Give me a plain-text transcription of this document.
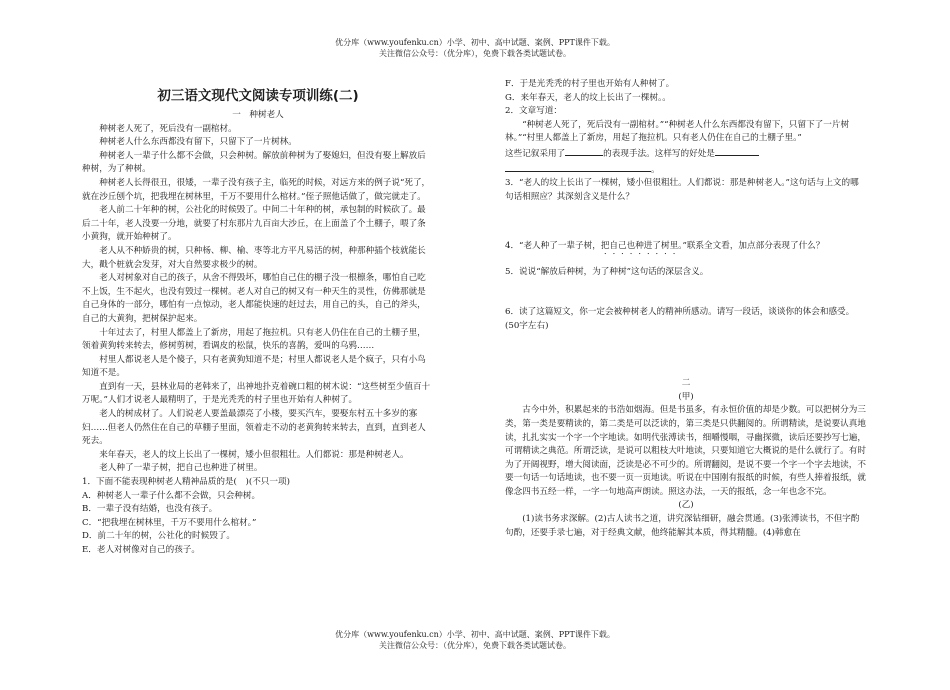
优分库（www.youfenku.cn）小学、初中、高中试题、案例、PPT课件下载。
关注微信公众号：（优分库），免费下载各类试题试卷。

初三语文现代文阅读专项训练(二)

一　种树老人

种树老人死了，死后没有一副棺材。

种树老人什么东西都没有留下，只留下了一片树林。

种树老人一辈子什么都不会做，只会种树。解放前种树为了娶媳妇，但没有娶上解放后种树，为了种树。

种树老人长得很丑，很矮，一辈子没有孩子主，临死的时候，对远方来的例子说“死了，就在沙丘刨个坑，把我埋在树林里，千万不要用什么棺材。”侄子照他话做了，做完就走了。

老人前二十年种的树，公社化的时候毁了。中间二十年种的树，承包制的时候砍了。最后二十年，老人没要一分地，就要了村东那片九百亩大沙丘，在上面盖了个土棚子，喂了条小黄狗，就开始种树了。

老人从不种娇贵的树，只种杨、柳、榆、枣等北方平凡易活的树，种那种插个枝就能长大，戳个桩就会发芽，对大自然要求极少的树。

老人对树象对自己的孩子，从舍不得毁坏，哪怕自己住的棚子没一根檩条，哪怕自己吃不上饭，生不起火，也没有毁过一棵树。老人对自己的树又有一种天生的灵性，仿佛那就是自己身体的一部分，哪怕有一点惊动，老人都能快速的赶过去，用自己的头，自己的斧头，自己的大黄狗，把树保护起来。

十年过去了，村里人都盖上了新房，用起了拖拉机。只有老人仍住在自己的土棚子里，领着黄狗转来转去，修树剪树，看调皮的松鼠，快乐的喜鹊，爱叫的乌鸦……

村里人都说老人是个傻子，只有老黄狗知道不是；村里人都说老人是个疯子，只有小鸟知道不是。

直到有一天，县林业局的老韩来了，出神地扑克着碗口粗的树木说：“这些树至少值百十万呢。”人们才说老人最精明了，于是光秃秃的村子里也开始有人种树了。

老人的树成材了。人们说老人要盖最漂亮了小楼，要买汽车，要娶东村五十多岁的寡妇……但老人仍然住在自己的草棚子里面，领着走不动的老黄狗转来转去，直到，直到老人死去。

来年春天，老人的坟上长出了一棵树，矮小但很粗壮。人们都说：那是种树老人。

老人种了一辈子树，把自己也种进了树里。

1．下面不能表现种树老人精神品质的是(　)(不只一项)

A．种树老人一辈子什么都不会做，只会种树。

B．一辈子没有结婚，也没有孩子。

C．“把我埋在树林里，千万不要用什么棺材。”

D．前二十年的树，公社化的时候毁了。

E．老人对树像对自己的孩子。

F．于是光秃秃的村子里也开始有人种树了。

G．来年春天，老人的坟上长出了一棵树。。

2．文章写道：

“种树老人死了，死后没有一副棺材。”“种树老人什么东西都没有留下，只留下了一片树林。”“村里人都盖上了新房，用起了拖拉机。只有老人仍住在自己的土棚子里。”

这些记叙采用了	的表现手法。这样写的好处是

。

3．“老人的坟上长出了一棵树，矮小但很粗壮。人们都说：那是种树老人。”这句话与上文的哪句话相照应？其深刻含义是什么？

4．“老人种了一辈子树，把自己也种进了树里。”联系全文看，加点部分表现了什么？

5．说说“解放后种树，为了种树”这句话的深层含义。

6．读了这篇短文，你一定会被种树老人的精神所感动。请写一段话，谈谈你的体会和感受。(50字左右)

二

(甲)

古今中外，积累起来的书浩如烟海。但是书虽多，有永恒价值的却是少数。可以把树分为三类，第一类是要精读的，第二类是可以泛读的，第三类是只供翻阅的。所谓精读，是说要认真地读，扎扎实实一个字一个字地读。如明代张溥读书，细嚼慢咽，寻幽探微，读后还要抄写七遍，可谓精读之典范。所谓泛读，是说可以粗枝大叶地读，只要知道它大概说的是什么就行了。有时为了开阔视野，增大阅读面，泛读是必不可少的。所谓翻阅，是说不要一个字一个字去地读，不要一句话一句话地读，也不要一页一页地读。听说在中国刚有报纸的时候，有些人捧着报纸，就像念四书五经一样，一字一句地高声朗读。照这办法，一天的报纸，念一年也念不完。

(乙)

(1)读书务求深解。(2)古人读书之道，讲究深钻细研，融会贯通。(3)张溥读书，不但字酌句酌，还要手录七遍，对于经典文献，他终能解其本质，得其精髓。(4)韩愈在

优分库（www.youfenku.cn）小学、初中、高中试题、案例、PPT课件下载。
关注微信公众号：（优分库），免费下载各类试题试卷。
